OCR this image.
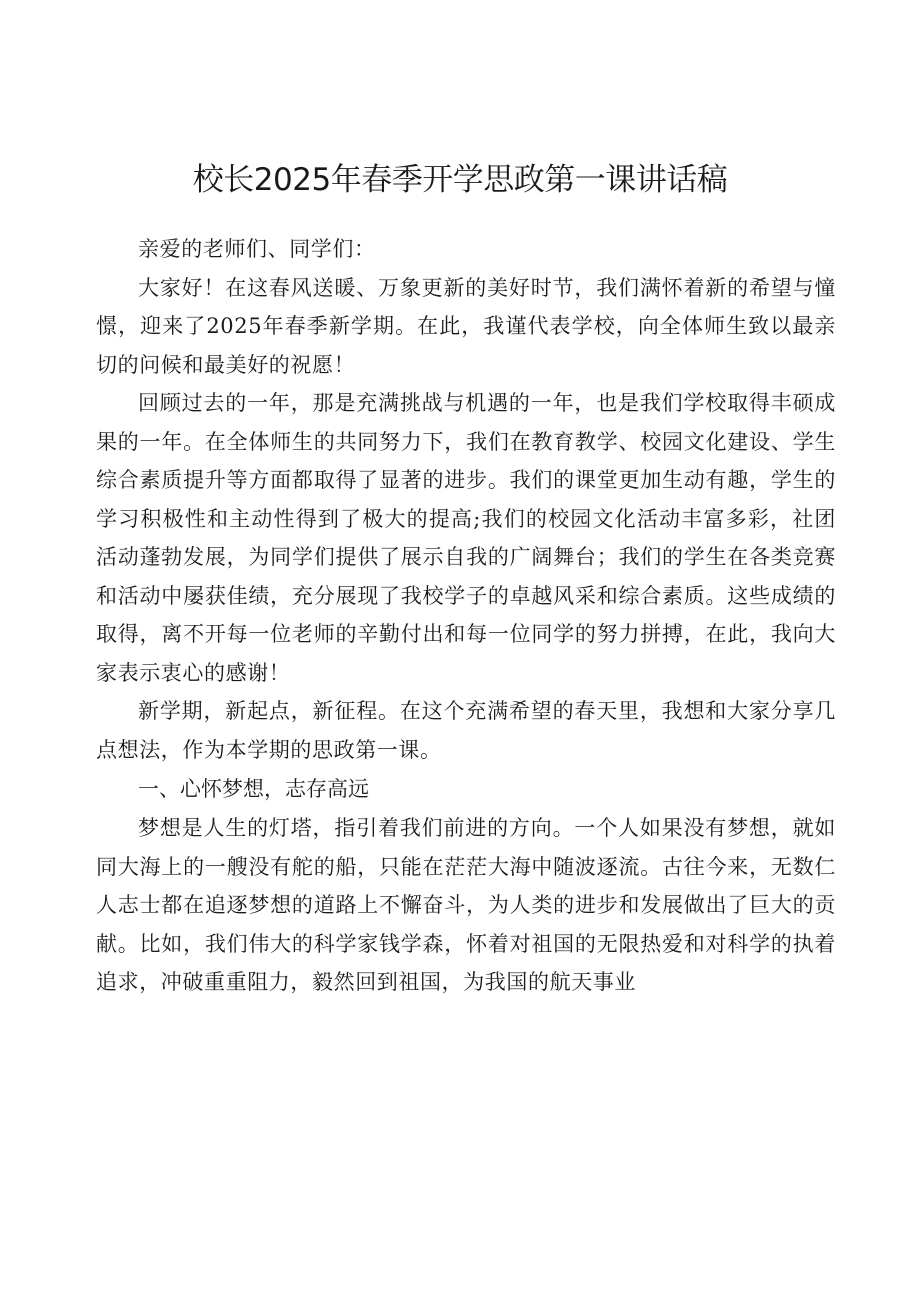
校长2025年春季开学思政第一课讲话稿

亲爱的老师们、同学们：

大家好！在这春风送暖、万象更新的美好时节，我们满怀着新的希望与憧憬，迎来了2025年春季新学期。在此，我谨代表学校，向全体师生致以最亲切的问候和最美好的祝愿！

回顾过去的一年，那是充满挑战与机遇的一年，也是我们学校取得丰硕成果的一年。在全体师生的共同努力下，我们在教育教学、校园文化建设、学生综合素质提升等方面都取得了显著的进步。我们的课堂更加生动有趣，学生的学习积极性和主动性得到了极大的提高;我们的校园文化活动丰富多彩，社团活动蓬勃发展，为同学们提供了展示自我的广阔舞台；我们的学生在各类竞赛和活动中屡获佳绩，充分展现了我校学子的卓越风采和综合素质。这些成绩的取得，离不开每一位老师的辛勤付出和每一位同学的努力拼搏，在此，我向大家表示衷心的感谢！

新学期，新起点，新征程。在这个充满希望的春天里，我想和大家分享几点想法，作为本学期的思政第一课。

一、心怀梦想，志存高远

梦想是人生的灯塔，指引着我们前进的方向。一个人如果没有梦想，就如同大海上的一艘没有舵的船，只能在茫茫大海中随波逐流。古往今来，无数仁人志士都在追逐梦想的道路上不懈奋斗，为人类的进步和发展做出了巨大的贡献。比如，我们伟大的科学家钱学森，怀着对祖国的无限热爱和对科学的执着追求，冲破重重阻力，毅然回到祖国，为我国的航天事业
